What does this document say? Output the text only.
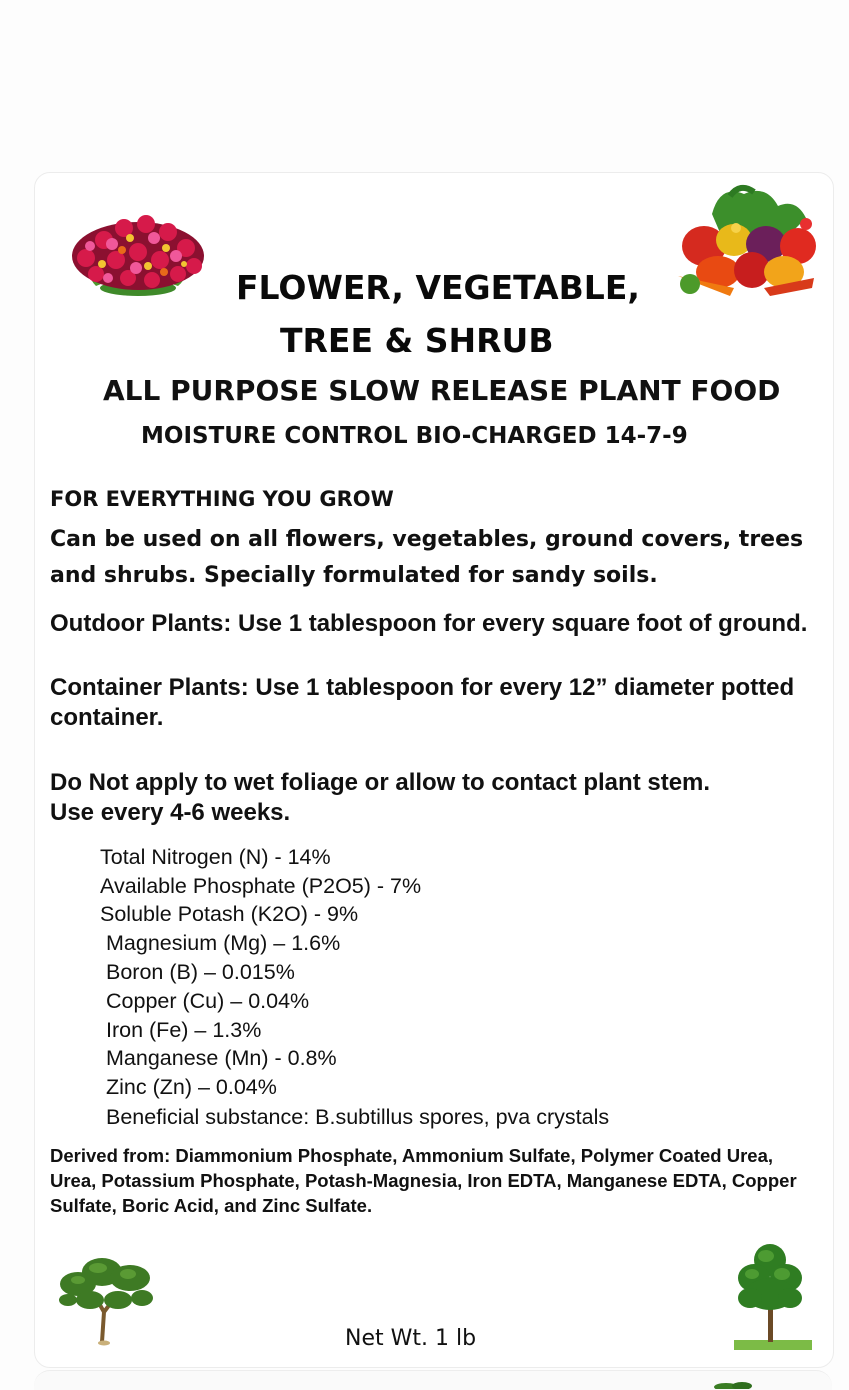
FLOWER, VEGETABLE,
TREE & SHRUB
ALL PURPOSE SLOW RELEASE PLANT FOOD
MOISTURE CONTROL BIO-CHARGED 14-7-9
FOR EVERYTHING YOU GROW
Can be used on all flowers, vegetables, ground covers, trees
and shrubs. Specially formulated for sandy soils.

Outdoor Plants: Use 1 tablespoon for every square foot of ground.

Container Plants: Use 1 tablespoon for every 12” diameter potted container.

Do Not apply to wet foliage or allow to contact plant stem.

Use every 4-6 weeks.

Total Nitrogen (N) - 14%
Available Phosphate (P2O5) - 7%
Soluble Potash (K2O) - 9%
Magnesium (Mg) – 1.6%
Boron (B) – 0.015%
Copper (Cu) – 0.04%
Iron (Fe) – 1.3%
Manganese (Mn) - 0.8%
Zinc (Zn) – 0.04%
Beneficial substance: B.subtillus spores, pva crystals

Derived from: Diammonium Phosphate, Ammonium Sulfate, Polymer Coated Urea, Urea, Potassium Phosphate, Potash-Magnesia, Iron EDTA, Manganese EDTA, Copper Sulfate, Boric Acid, and Zinc Sulfate.

Net Wt. 1 lb
